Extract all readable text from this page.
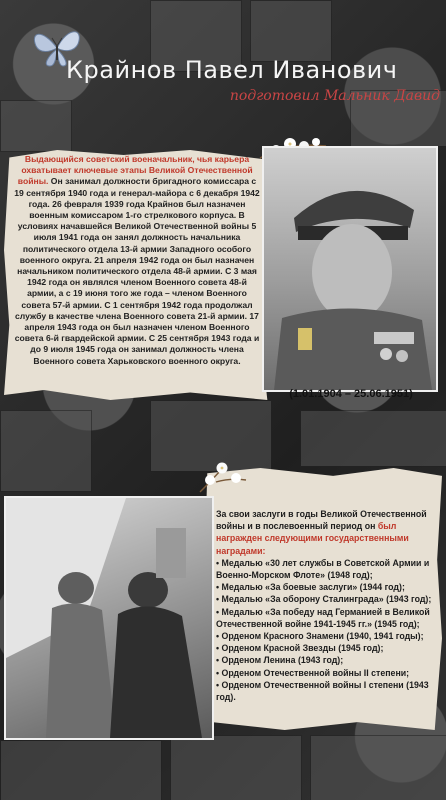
Крайнов Павел Иванович
подготовил Мальник Давид
Выдающийся советский военачальник, чья карьера охватывает ключевые этапы Великой Отечественной войны. Он занимал должности бригадного комиссара с 19 сентября 1940 года и генерал-майора с 6 декабря 1942 года. 26 февраля 1939 года Крайнов был назначен военным комиссаром 1-го стрелкового корпуса. В условиях начавшейся Великой Отечественной войны 5 июля 1941 года он занял должность начальника политического отдела 13-й армии Западного особого военного округа. 21 апреля 1942 года он был назначен начальником политического отдела 48-й армии. С 3 мая 1942 года он являлся членом Военного совета 48-й армии, а с 19 июня того же года – членом Военного совета 57-й армии. С 1 сентября 1942 года продолжал службу в качестве члена Военного совета 21-й армии. 17 апреля 1943 года он был назначен членом Военного совета 6-й гвардейской армии. С 25 сентября 1943 года и до 9 июля 1945 года он занимал должность члена Военного совета Харьковского военного округа.
(1.01.1904 – 25.06.1951)
За свои заслуги в годы Великой Отечественной войны и в послевоенный период он был награжден следующими государственными наградами:
• Медалью «30 лет службы в Советской Армии и Военно-Морском Флоте» (1948 год);
• Медалью «За боевые заслуги» (1944 год);
• Медалью «За оборону Сталинграда» (1943 год);
• Медалью «За победу над Германией в Великой Отечественной войне 1941-1945 гг.» (1945 год);
• Орденом Красного Знамени (1940, 1941 годы);
• Орденом Красной Звезды (1945 год);
• Орденом Ленина (1943 год);
• Орденом Отечественной войны II степени;
• Орденом Отечественной войны I степени (1943 год).
